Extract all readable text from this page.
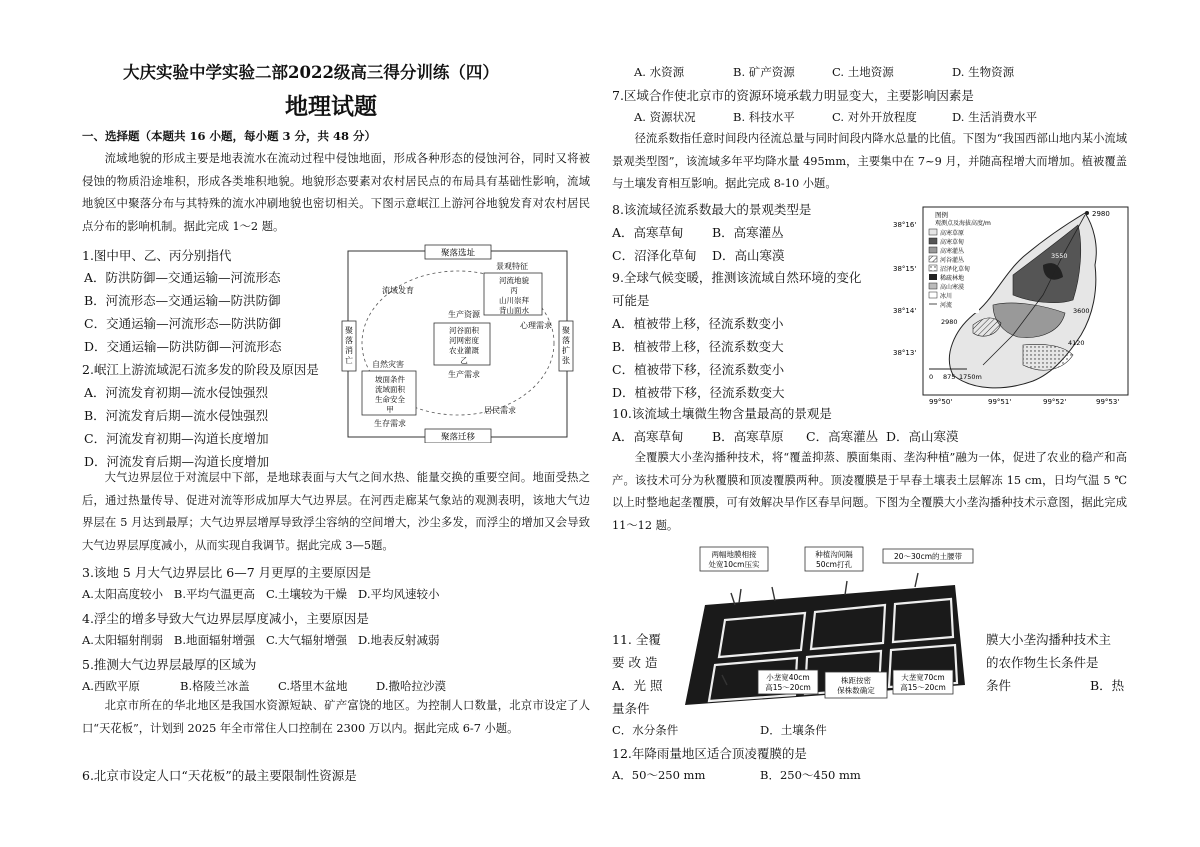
大庆实验中学实验二部2022级高三得分训练（四）
地理试题
一、选择题（本题共 16 小题，每小题 3 分，共 48 分）
流域地貌的形成主要是地表流水在流动过程中侵蚀地面，形成各种形态的侵蚀河谷，同时又将被侵蚀的物质沿途堆积，形成各类堆积地貌。地貌形态要素对农村居民点的布局具有基础性影响，流域地貌区中聚落分布与其特殊的流水冲刷地貌也密切相关。下图示意岷江上游河谷地貌发育对农村居民点分布的影响机制。据此完成 1～2 题。
1.图中甲、乙、丙分别指代
A．防洪防御—交通运输—河流形态
B．河流形态—交通运输—防洪防御
C．交通运输—河流形态—防洪防御
D．交通运输—防洪防御—河流形态
2.岷江上游流域泥石流多发的阶段及原因是
A．河流发育初期—流水侵蚀强烈
B．河流发育后期—流水侵蚀强烈
C．河流发育初期—沟道长度增加
D．河流发育后期—沟道长度增加
聚落选址
聚落迁移
聚落消亡
聚落扩张
景观特征
河流地貌
丙
山川崇拜
背山面水
流域发育
生产资源
河谷面积
河网密度
农业灌溉
乙
心理需求
生产需求
自然灾害
坡面条件
流域面积
生命安全
甲	居民需求
生存需求
大气边界层位于对流层中下部，是地球表面与大气之间水热、能量交换的重要空间。地面受热之后，通过热量传导、促进对流等形成加厚大气边界层。在河西走廊某气象站的观测表明，该地大气边界层在 5 月达到最厚；大气边界层增厚导致浮尘容纳的空间增大，沙尘多发，而浮尘的增加又会导致大气边界层厚度减小，从而实现自我调节。据此完成 3—5题。
3.该地 5 月大气边界层比 6—7 月更厚的主要原因是
A.太阳高度较小   B.平均气温更高   C.土壤较为干燥   D.平均风速较小
4.浮尘的增多导致大气边界层厚度减小，主要原因是
A.太阳辐射削弱   B.地面辐射增强   C.大气辐射增强   D.地表反射减弱
5.推测大气边界层最厚的区域为
A.西欧平原	B.格陵兰冰盖 C.塔里木盆地 D.撒哈拉沙漠
北京市所在的华北地区是我国水资源短缺、矿产富饶的地区。为控制人口数量，北京市设定了人口“天花板”，计划到 2025 年全市常住人口控制在 2300 万以内。据此完成 6-7 小题。
6.北京市设定人口“天花板”的最主要限制性资源是
A. 水资源	B. 矿产资源	C. 土地资源	D. 生物资源
7.区域合作使北京市的资源环境承载力明显变大，主要影响因素是
A. 资源状况	B. 科技水平	C. 对外开放程度	D. 生活消费水平
径流系数指任意时间段内径流总量与同时间段内降水总量的比值。下图为“我国西部山地内某小流域景观类型图”，该流域多年平均降水量 495mm，主要集中在 7~9 月，并随高程增大而增加。植被覆盖与土壤发育相互影响。据此完成 8-10 小题。
8.该流域径流系数最大的景观类型是
A．高寒草甸 B．高寒灌丛
C．沼泽化草甸 D．高山寒漠
9.全球气候变暖，推测该流域自然环境的变化
可能是
A．植被带上移，径流系数变小
B．植被带上移，径流系数变大
C．植被带下移，径流系数变小
D．植被带下移，径流系数变大
10.该流域土壤微生物含量最高的景观是
A．高寒草甸 B．高寒草原 C．高寒灌丛 D．高山寒漠
图例
观测点及海拔高度/m
高寒草原
高寒草甸
高寒灌丛
河谷灌丛
沼泽化草甸
稀疏林地
高山寒漠
冰川
河流
38°16'
38°15'
38°14'
38°13'
99°50'	99°51'	99°52'	99°53'
2980
2980
3550
3600
4120
0 875 1750m
全覆膜大小垄沟播种技术，将“覆盖抑蒸、膜面集雨、垄沟种植”融为一体，促进了农业的稳产和高产。该技术可分为秋覆膜和顶凌覆膜两种。顶凌覆膜是于早春土壤表土层解冻 15 cm，日均气温 5 ℃以上时整地起垄覆膜，可有效解决旱作区春旱问题。下图为全覆膜大小垄沟播种技术示意图，据此完成 11～12 题。
两幅地膜相接
处宽10cm压实
种植沟间隔
50cm打孔
20～30cm的土腰带
小垄宽40cm
高15～20cm
株距按密
保株数确定
大垄宽70cm
高15～20cm
11. 全覆	膜大小垄沟播种技术主
要 改 造	的农作物生长条件是
A．光 照	条件	B．热
量条件
C．水分条件	D．土壤条件
12.年降雨量地区适合顶凌覆膜的是
A．50～250 mm	B．250～450 mm
